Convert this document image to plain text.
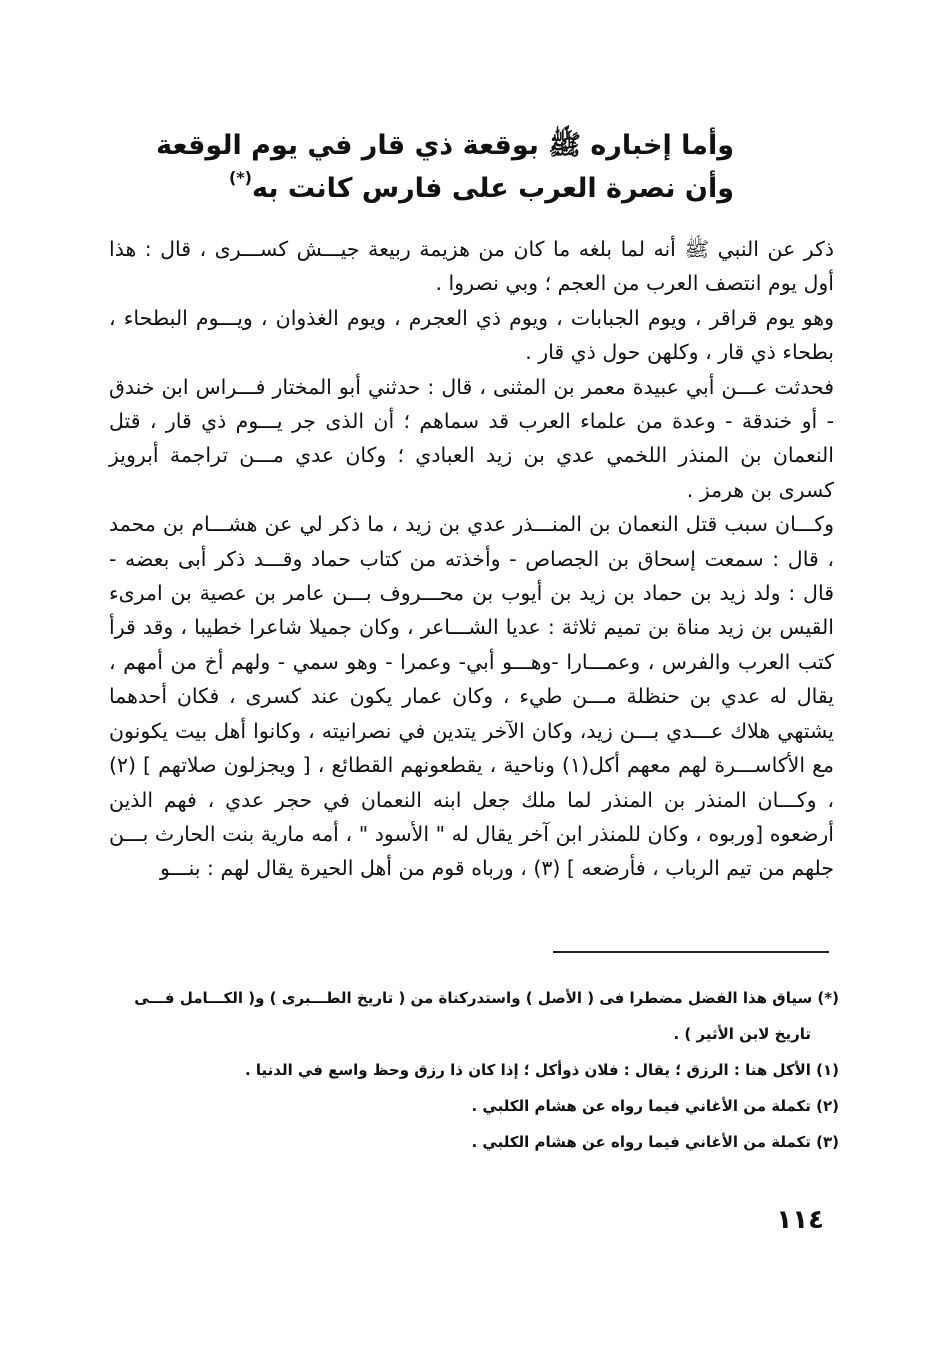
وأما إخباره ﷺ بوقعة ذي قار في يوم الوقعة
وأن نصرة العرب على فارس كانت به(*)

ذكر عن النبي ﷺ أنه لما بلغه ما كان من هزيمة ربيعة جيـــش كســـرى ، قال : هذا أول يوم انتصف العرب من العجم ؛ وبي نصروا .

وهو يوم قراقر ، ويوم الجبابات ، ويوم ذي العجرم ، ويوم الغذوان ، ويـــوم البطحاء ، بطحاء ذي قار ، وكلهن حول ذي قار .

فحدثت عـــن أبي عبيدة معمر بن المثنى ، قال : حدثني أبو المختار فـــراس ابن خندق - أو خندقة - وعدة من علماء العرب قد سماهم ؛ أن الذى جر يـــوم ذي قار ، قتل النعمان بن المنذر اللخمي عدي بن زيد العبادي ؛ وكان عدي مـــن تراجمة أبرويز كسرى بن هرمز .

وكـــان سبب قتل النعمان بن المنـــذر عدي بن زيد ، ما ذكر لي عن هشـــام بن محمد ، قال : سمعت إسحاق بن الجصاص - وأخذته من كتاب حماد وقـــد ذكر أبى بعضه - قال : ولد زيد بن حماد بن زيد بن أيوب بن محـــروف بـــن عامر بن عصية بن امرىء القيس بن زيد مناة بن تميم ثلاثة : عديا الشـــاعر ، وكان جميلا شاعرا خطيبا ، وقد قرأ كتب العرب والفرس ، وعمـــارا -وهـــو أبي- وعمرا - وهو سمي - ولهم أخ من أمهم ، يقال له عدي بن حنظلة مـــن طيء ، وكان عمار يكون عند كسرى ، فكان أحدهما يشتهي هلاك عـــدي بـــن زيد، وكان الآخر يتدين في نصرانيته ، وكانوا أهل بيت يكونون مع الأكاســـرة لهم معهم أكل(١) وناحية ، يقطعونهم القطائع ، [ ويجزلون صلاتهم ] (٢) ، وكـــان المنذر بن المنذر لما ملك جعل ابنه النعمان في حجر عدي ، فهم الذين أرضعوه [وربوه ، وكان للمنذر ابن آخر يقال له " الأسود " ، أمه مارية بنت الحارث بـــن جلهم من تيم الرباب ، فأرضعه ] (٣) ، ورباه قوم من أهل الحيرة يقال لهم : بنـــو

(*) سياق هذا الفضل مضطرا فى ( الأصل ) واستدركناة من ( تاريخ الطـــبرى ) و( الكـــامل فـــى

تاريخ لابن الأثير ) .

(١) الأكل هنا : الرزق ؛ يقال : فلان ذوأكل ؛ إذا كان ذا رزق وحظ واسع في الدنيا .

(٢) تكملة من الأغاني فيما رواه عن هشام الكلبي .

(٣) تكملة من الأغاني فيما رواه عن هشام الكلبي .

١١٤
